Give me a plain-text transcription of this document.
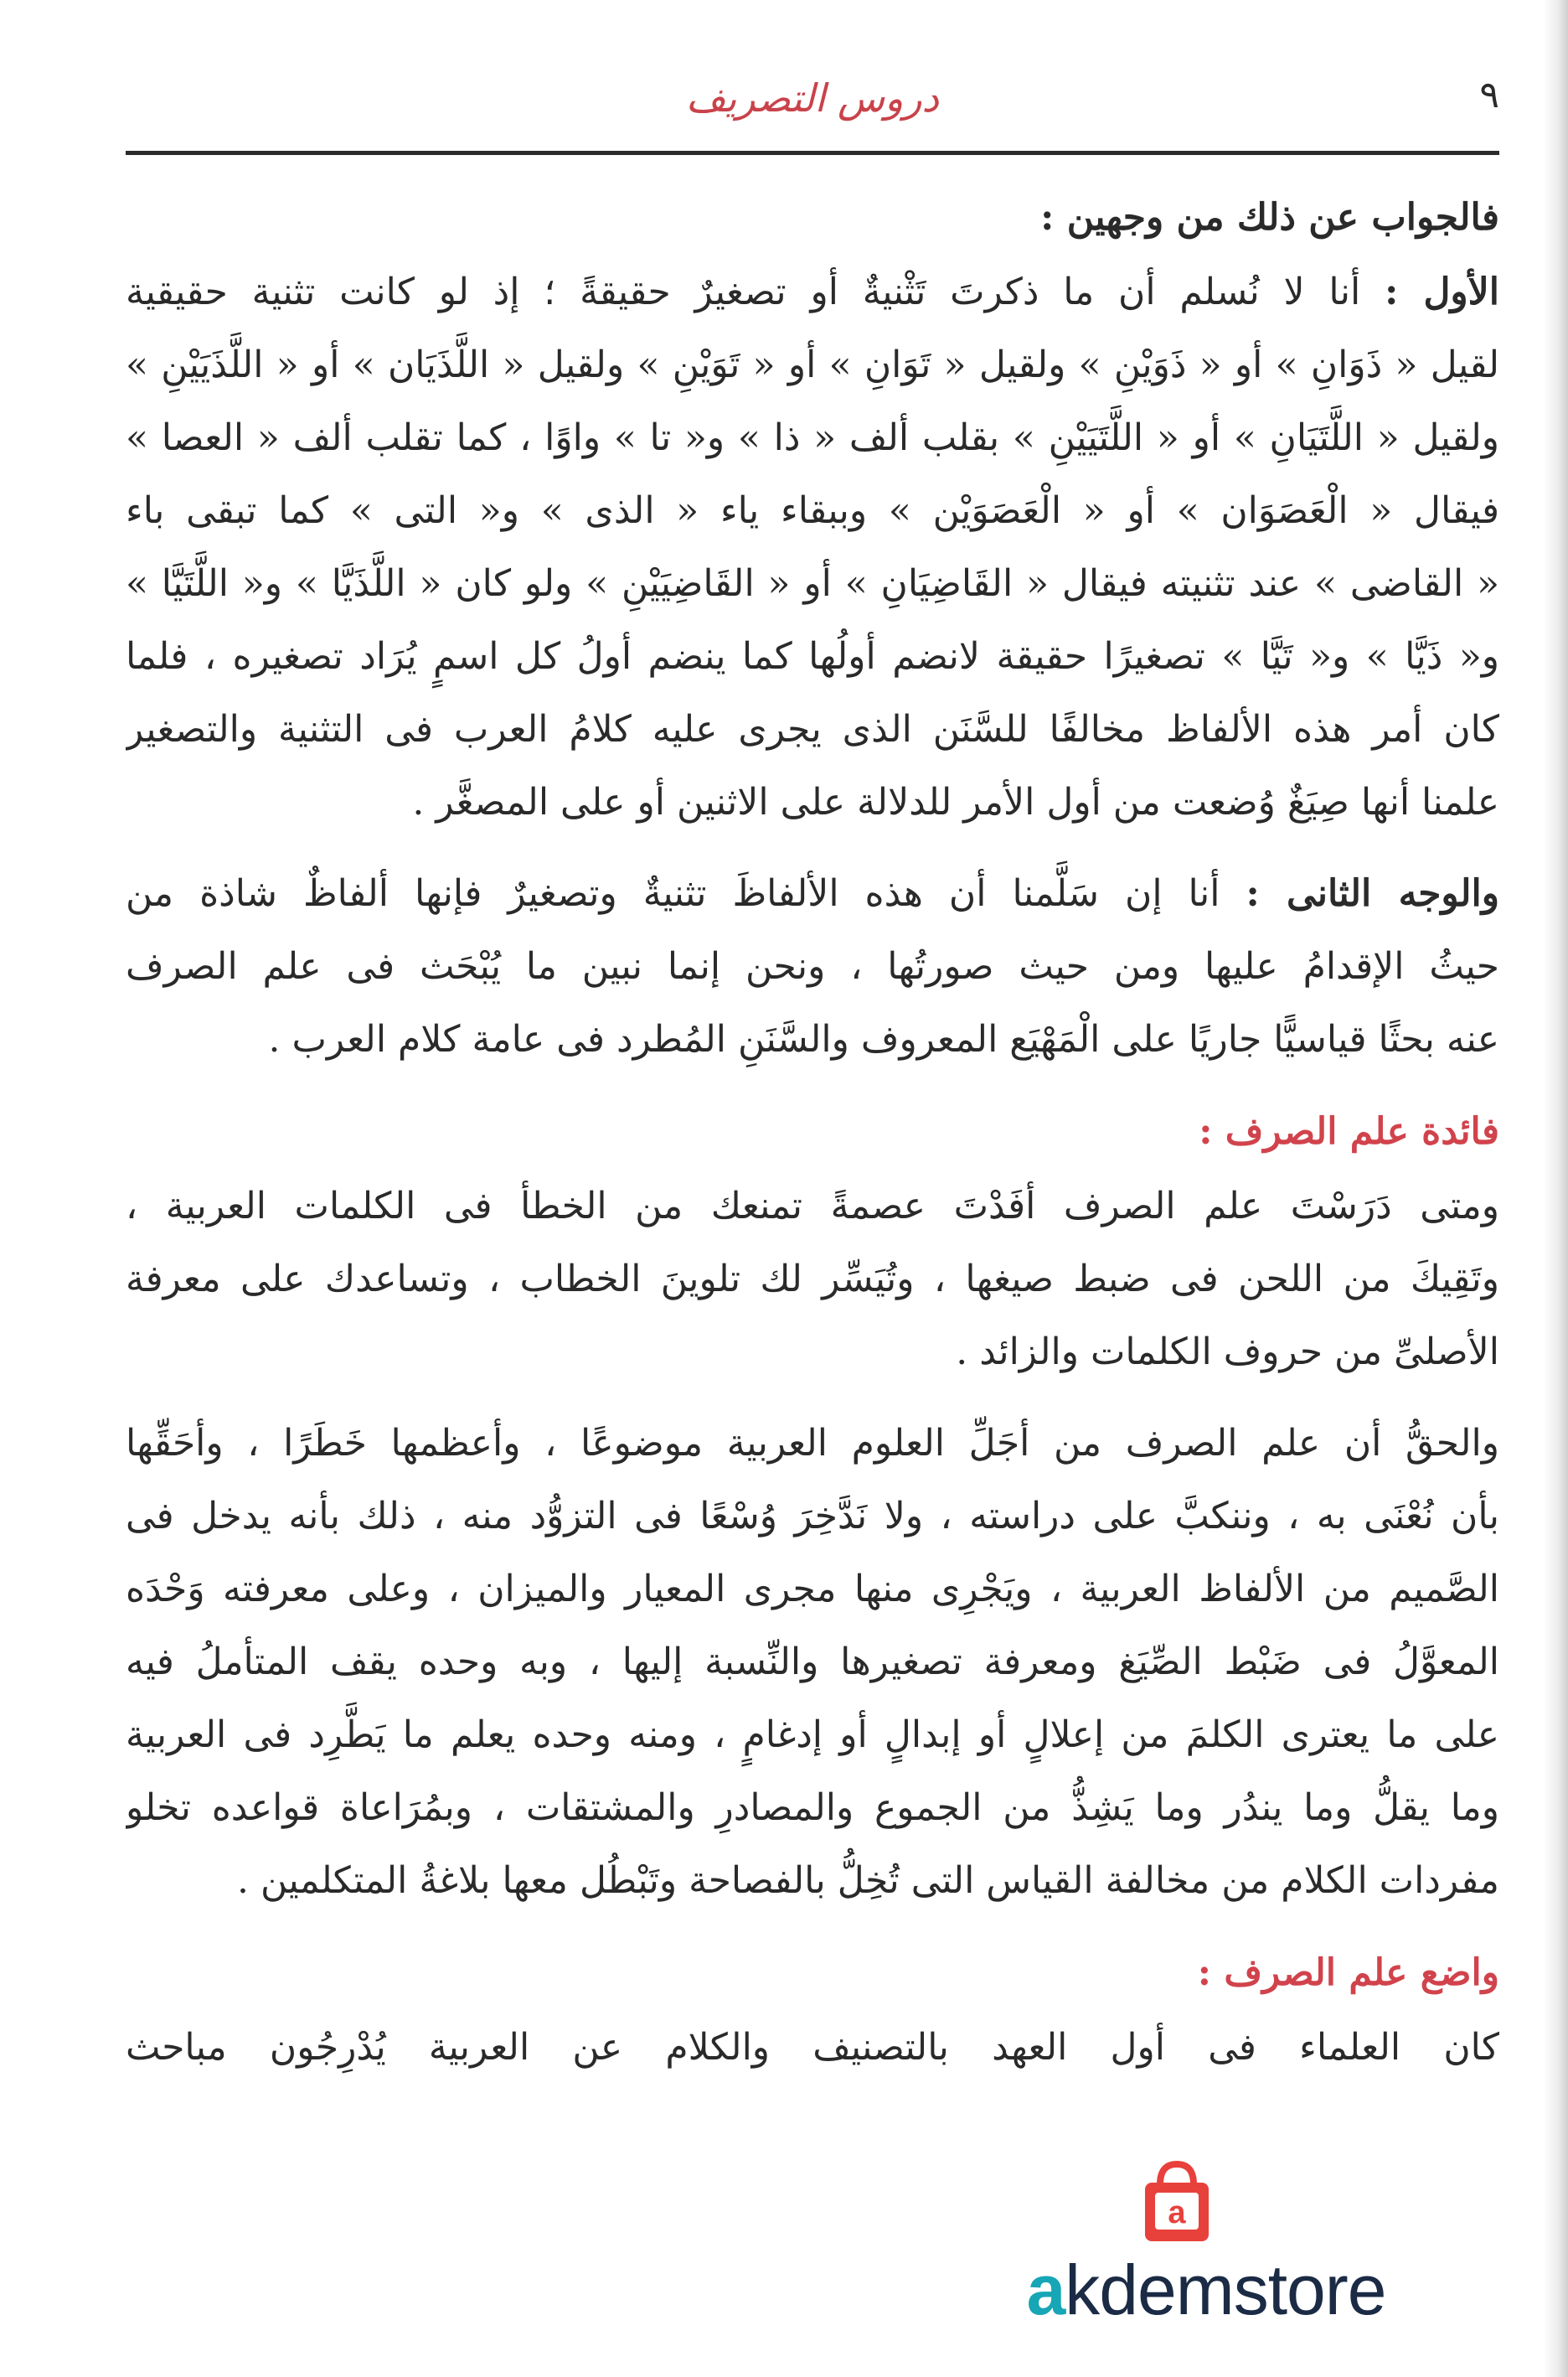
٩
دروس التصريف
فالجواب عن ذلك من وجهين :
الأول : أنا لا نُسلم أن ما ذكرتَ تَثْنيةٌ أو تصغيرٌ حقيقةً ؛ إذ لو كانت تثنية حقيقية
لقيل « ذَوَانِ » أو « ذَوَيْنِ » ولقيل « تَوَانِ » أو « تَوَيْنِ » ولقيل « اللَّذَيَان » أو « اللَّذَيَيْنِ »
ولقيل « اللَّتَيَانِ » أو « اللَّتَيَيْنِ » بقلب ألف « ذا » و« تا » واوًا ، كما تقلب ألف « العصا »
فيقال « الْعَصَوَان » أو « الْعَصَوَيْن » وببقاء ياء « الذى » و« التى » كما تبقى باء
« القاضى » عند تثنيته فيقال « القَاضِيَانِ » أو « القَاضِيَيْنِ » ولو كان « اللَّذَيَّا » و« اللَّتَيَّا »
و« ذَيَّا » و« تَيَّا » تصغيرًا حقيقة لانضم أولُها كما ينضم أولُ كل اسمٍ يُرَاد تصغيره ، فلما
كان أمر هذه الألفاظ مخالفًا للسَّنَن الذى يجرى عليه كلامُ العرب فى التثنية والتصغير
علمنا أنها صِيَغٌ وُضعت من أول الأمر للدلالة على الاثنين أو على المصغَّر .
والوجه الثانى : أنا إن سَلَّمنا أن هذه الألفاظَ تثنيةٌ وتصغيرٌ فإنها ألفاظٌ شاذة من
حيثُ الإقدامُ عليها ومن حيث صورتُها ، ونحن إنما نبين ما يُبْحَث فى علم الصرف
عنه بحثًا قياسيًّا جاريًا على الْمَهْيَع المعروف والسَّنَنِ المُطرد فى عامة كلام العرب .
فائدة علم الصرف :
ومتى دَرَسْتَ علم الصرف أفَدْتَ عصمةً تمنعك من الخطأ فى الكلمات العربية ،
وتَقِيكَ من اللحن فى ضبط صيغها ، وتُيَسِّر لك تلوينَ الخطاب ، وتساعدك على معرفة
الأصلىِّ من حروف الكلمات والزائد .
والحقُّ أن علم الصرف من أجَلِّ العلوم العربية موضوعًا ، وأعظمها خَطَرًا ، وأحَقِّها
بأن نُعْنَى به ، وننكبَّ على دراسته ، ولا نَدَّخِرَ وُسْعًا فى التزوُّد منه ، ذلك بأنه يدخل فى
الصَّميم من الألفاظ العربية ، ويَجْرِى منها مجرى المعيار والميزان ، وعلى معرفته وَحْدَه
المعوَّلُ فى ضَبْط الصِّيَغ ومعرفة تصغيرها والنِّسبة إليها ، وبه وحده يقف المتأملُ فيه
على ما يعترى الكلمَ من إعلالٍ أو إبدالٍ أو إدغامٍ ، ومنه وحده يعلم ما يَطَّرِد فى العربية
وما يقلُّ وما يندُر وما يَشِذُّ من الجموع والمصادرِ والمشتقات ، وبمُرَاعاة قواعده تخلو
مفردات الكلام من مخالفة القياس التى تُخِلُّ بالفصاحة وتَبْطُل معها بلاغةُ المتكلمين .
واضع علم الصرف :
كان العلماء فى أول العهد بالتصنيف والكلام عن العربية يُدْرِجُون مباحث
a
akdemstore
